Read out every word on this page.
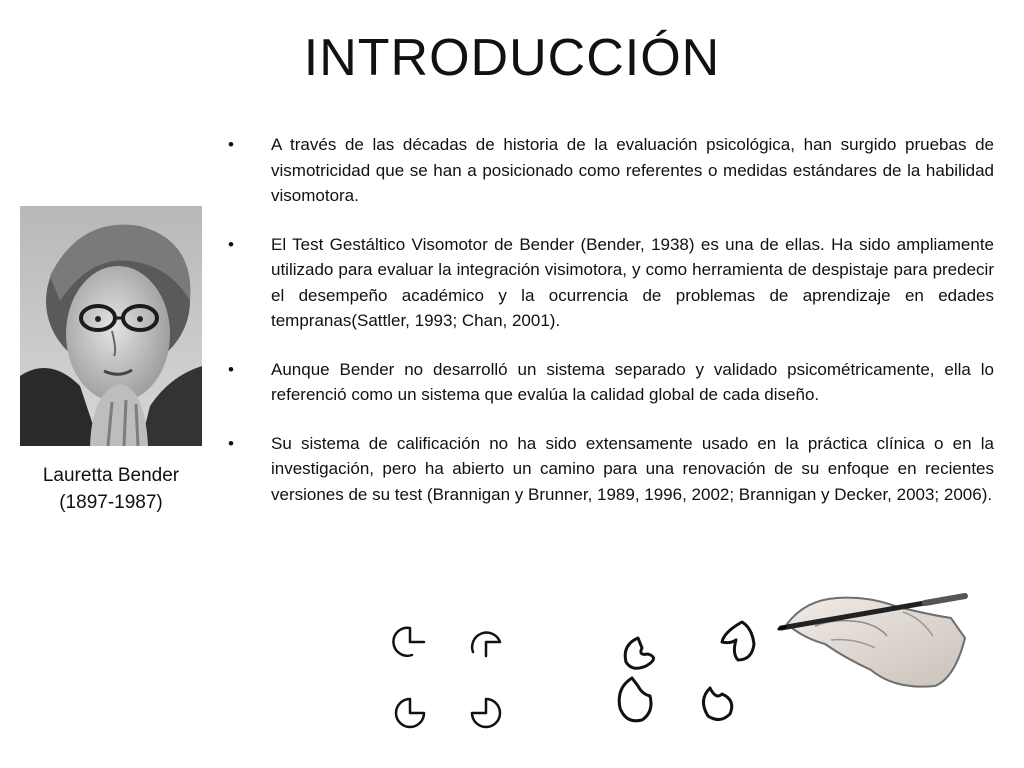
INTRODUCCIÓN
Lauretta Bender
(1897-1987)
•	A través de las décadas de historia de la evaluación psicológica, han surgido pruebas de vismotricidad que se han a posicionado como referentes o medidas estándares de la habilidad visomotora.
•	El Test Gestáltico Visomotor de Bender (Bender, 1938) es una de ellas. Ha sido ampliamente utilizado para evaluar la integración visimotora, y como herramienta de despistaje para predecir el desempeño académico y la ocurrencia de problemas de aprendizaje en edades tempranas(Sattler, 1993; Chan, 2001).
•	Aunque Bender no desarrolló un sistema separado y validado psicométricamente, ella lo referenció como un sistema que evalúa la calidad global de cada diseño.
•	Su sistema de calificación no ha sido extensamente usado en la práctica clínica o en la investigación, pero ha abierto un camino para una renovación de su enfoque en recientes versiones de su test (Brannigan y Brunner, 1989, 1996, 2002; Brannigan y Decker, 2003; 2006).
